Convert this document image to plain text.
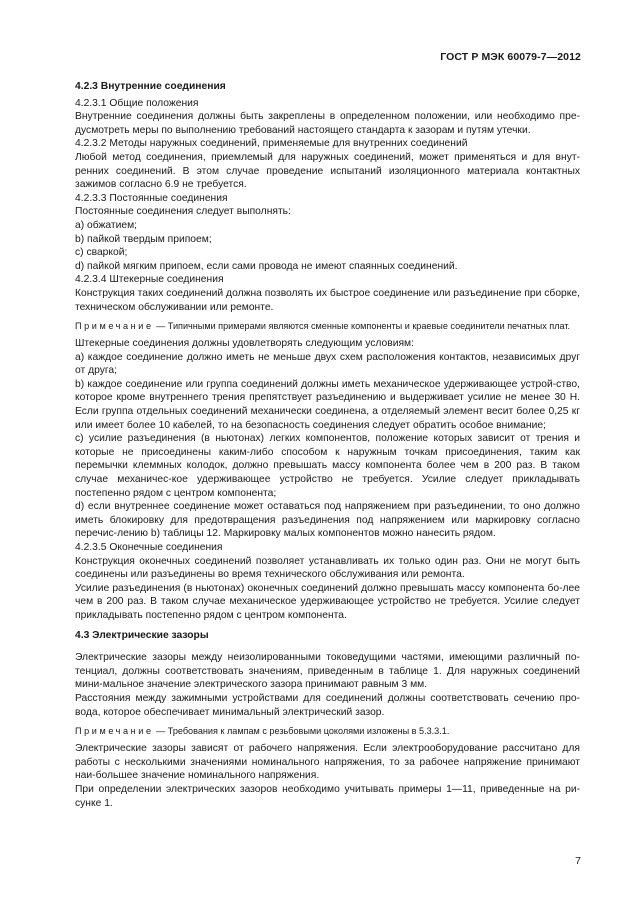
ГОСТ Р МЭК 60079-7—2012

4.2.3 Внутренние соединения

4.2.3.1 Общие положения

Внутренние соединения должны быть закреплены в определенном положении, или необходимо пре-дусмотреть меры по выполнению требований настоящего стандарта к зазорам и путям утечки.

4.2.3.2 Методы наружных соединений, применяемые для внутренних соединений

Любой метод соединения, приемлемый для наружных соединений, может применяться и для внут-ренних соединений. В этом случае проведение испытаний изоляционного материала контактных зажимов согласно 6.9 не требуется.

4.2.3.3 Постоянные соединения

Постоянные соединения следует выполнять:

а) обжатием;

b) пайкой твердым припоем;

с) сваркой;

d) пайкой мягким припоем, если сами провода не имеют спаянных соединений.

4.2.3.4 Штекерные соединения

Конструкция таких соединений должна позволять их быстрое соединение или разъединение при сборке, техническом обслуживании или ремонте.

Примечание — Типичными примерами являются сменные компоненты и краевые соединители печатных плат.

Штекерные соединения должны удовлетворять следующим условиям:

а) каждое соединение должно иметь не меньше двух схем расположения контактов, независимых друг от друга;

b) каждое соединение или группа соединений должны иметь механическое удерживающее устрой-ство, которое кроме внутреннего трения препятствует разъединению и выдерживает усилие не менее 30 Н. Если группа отдельных соединений механически соединена, а отделяемый элемент весит более 0,25 кг или имеет более 10 кабелей, то на безопасность соединения следует обратить особое внимание;

с) усилие разъединения (в ньютонах) легких компонентов, положение которых зависит от трения и которые не присоединены каким-либо способом к наружным точкам присоединения, таким как перемычки клеммных колодок, должно превышать массу компонента более чем в 200 раз. В таком случае механичес-кое удерживающее устройство не требуется. Усилие следует прикладывать постепенно рядом с центром компонента;

d) если внутреннее соединение может оставаться под напряжением при разъединении, то оно должно иметь блокировку для предотвращения разъединения под напряжением или маркировку согласно перечис-лению b) таблицы 12. Маркировку малых компонентов можно нанесить рядом.

4.2.3.5 Оконечные соединения

Конструкция оконечных соединений позволяет устанавливать их только один раз. Они не могут быть соединены или разъединены во время технического обслуживания или ремонта.

Усилие разъединения (в ньютонах) оконечных соединений должно превышать массу компонента бо-лее чем в 200 раз. В таком случае механическое удерживающее устройство не требуется. Усилие следует прикладывать постепенно рядом с центром компонента.

4.3 Электрические зазоры

Электрические зазоры между неизолированными токоведущими частями, имеющими различный по-тенциал, должны соответствовать значениям, приведенным в таблице 1. Для наружных соединений мини-мальное значение электрического зазора принимают равным 3 мм.

Расстояния между зажимными устройствами для соединений должны соответствовать сечению про-вода, которое обеспечивает минимальный электрический зазор.

Примечание — Требования к лампам с резьбовыми цоколями изложены в 5.3.3.1.

Электрические зазоры зависят от рабочего напряжения. Если электрооборудование рассчитано для работы с несколькими значениями номинального напряжения, то за рабочее напряжение принимают наи-большее значение номинального напряжения.

При определении электрических зазоров необходимо учитывать примеры 1—11, приведенные на ри-сунке 1.

7
